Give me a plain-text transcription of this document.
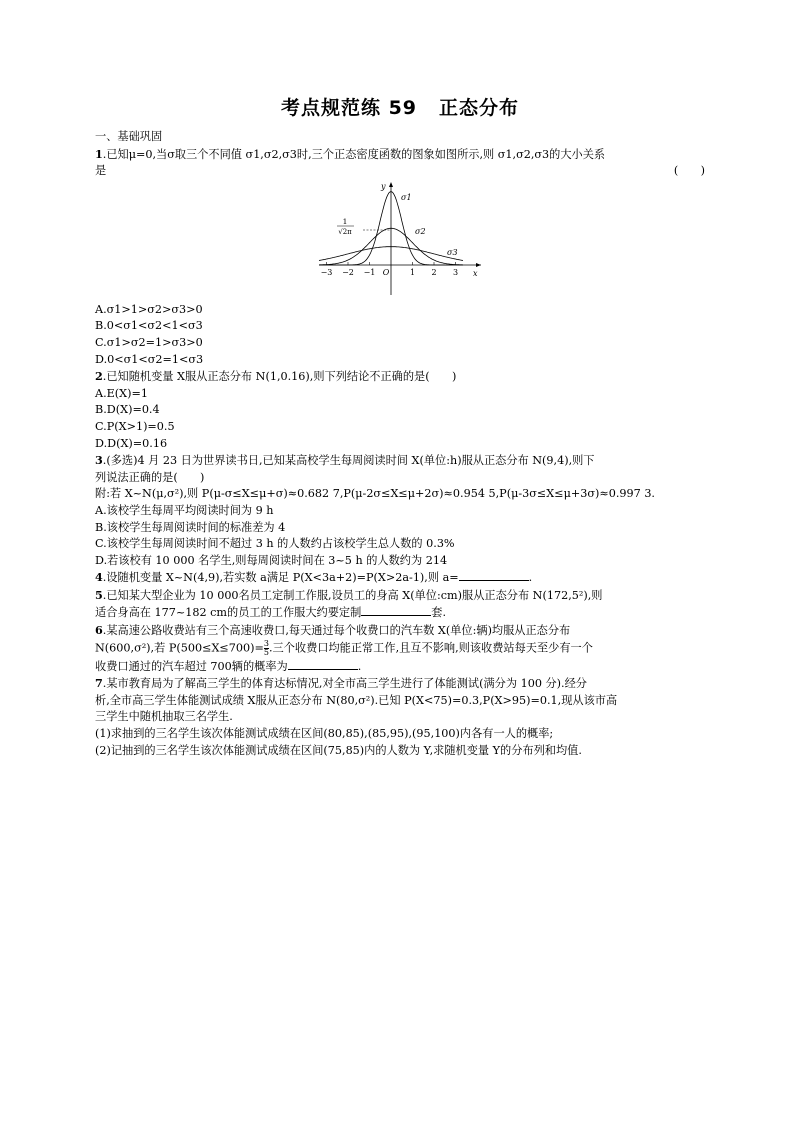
考点规范练 59 正态分布
一、基础巩固
1.已知μ=0,当σ取三个不同值 σ1,σ2,σ3时,三个正态密度函数的图象如图所示,则 σ1,σ2,σ3的大小关系
是	(　　)
y
x
1
√2π
σ1
σ2
σ3
−3 −2 −1 O	1 2 3
A.σ1>1>σ2>σ3>0
B.0<σ1<σ2<1<σ3
C.σ1>σ2=1>σ3>0
D.0<σ1<σ2=1<σ3
2.已知随机变量 X服从正态分布 N(1,0.16),则下列结论不正确的是(　　)
A.E(X)=1
B.D(X)=0.4
C.P(X>1)=0.5
D.D(X)=0.16
3.(多选)4 月 23 日为世界读书日,已知某高校学生每周阅读时间 X(单位:h)服从正态分布 N(9,4),则下
列说法正确的是(　　)
附:若 X~N(μ,σ²),则 P(μ-σ≤X≤μ+σ)≈0.682 7,P(μ-2σ≤X≤μ+2σ)≈0.954 5,P(μ-3σ≤X≤μ+3σ)≈0.997 3.
A.该校学生每周平均阅读时间为 9 h
B.该校学生每周阅读时间的标准差为 4
C.该校学生每周阅读时间不超过 3 h 的人数约占该校学生总人数的 0.3%
D.若该校有 10 000 名学生,则每周阅读时间在 3~5 h 的人数约为 214
4.设随机变量 X~N(4,9),若实数 a满足 P(X<3a+2)=P(X>2a-1),则 a=	.
5.已知某大型企业为 10 000名员工定制工作服,设员工的身高 X(单位:cm)服从正态分布 N(172,5²),则
适合身高在 177~182 cm的员工的工作服大约要定制	套.
6.某高速公路收费站有三个高速收费口,每天通过每个收费口的汽车数 X(单位:辆)均服从正态分布
N(600,σ²),若 $P(500\le X\le 700)= \frac{3}{5}$ .三个收费口均能正常工作,且互不影响,则该收费站每天至少有一个
收费口通过的汽车超过 700辆的概率为	.
7.某市教育局为了解高三学生的体育达标情况,对全市高三学生进行了体能测试(满分为 100 分).经分
析,全市高三学生体能测试成绩 X服从正态分布 N(80,σ²).已知 P(X<75)=0.3,P(X>95)=0.1,现从该市高
三学生中随机抽取三名学生.
(1)求抽到的三名学生该次体能测试成绩在区间(80,85),(85,95),(95,100)内各有一人的概率;
(2)记抽到的三名学生该次体能测试成绩在区间(75,85)内的人数为 Y,求随机变量 Y的分布列和均值.
